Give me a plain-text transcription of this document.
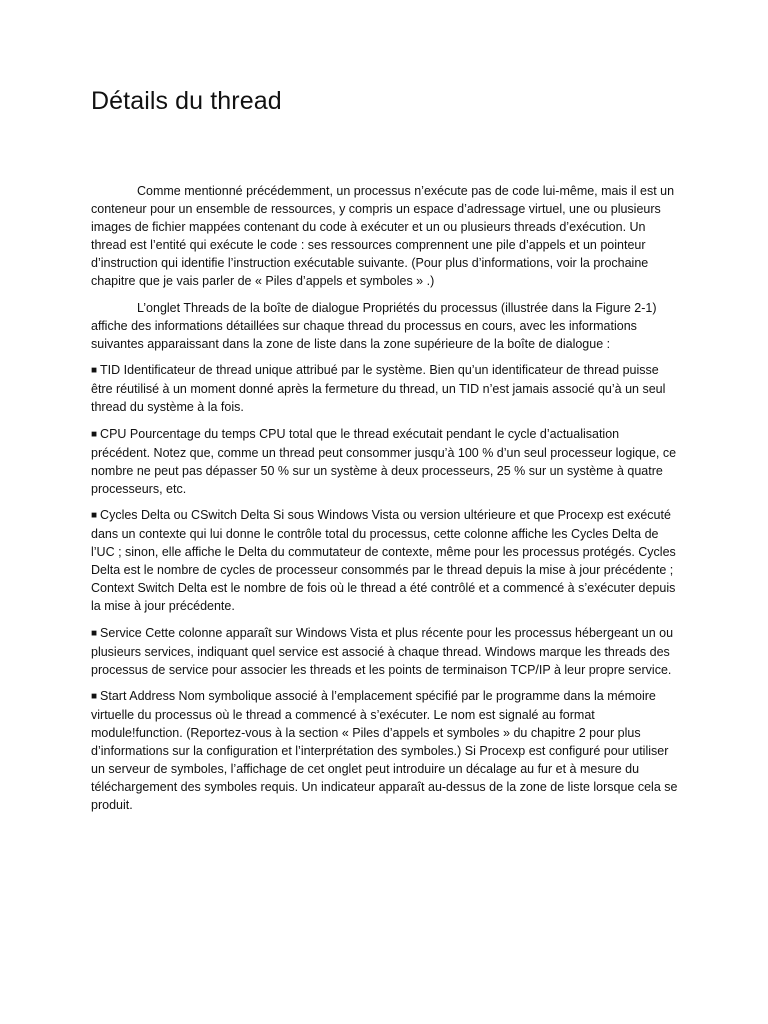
Détails du thread

Comme mentionné précédemment, un processus n’exécute pas de code lui-même, mais il est un conteneur pour un ensemble de ressources, y compris un espace d’adressage virtuel, une ou plusieurs images de fichier mappées contenant du code à exécuter et un ou plusieurs threads d’exécution. Un thread est l’entité qui exécute le code : ses ressources comprennent une pile d’appels et un pointeur d’instruction qui identifie l’instruction exécutable suivante. (Pour plus d’informations, voir la prochaine chapitre que je vais parler de « Piles d’appels et symboles » .)

L’onglet Threads de la boîte de dialogue Propriétés du processus (illustrée dans la Figure 2-1) affiche des informations détaillées sur chaque thread du processus en cours, avec les informations suivantes apparaissant dans la zone de liste dans la zone supérieure de la boîte de dialogue :

■ TID Identificateur de thread unique attribué par le système. Bien qu’un identificateur de thread puisse être réutilisé à un moment donné après la fermeture du thread, un TID n’est jamais associé qu’à un seul thread du système à la fois.

■ CPU Pourcentage du temps CPU total que le thread exécutait pendant le cycle d’actualisation précédent. Notez que, comme un thread peut consommer jusqu’à 100 % d’un seul processeur logique, ce nombre ne peut pas dépasser 50 % sur un système à deux processeurs, 25 % sur un système à quatre processeurs, etc.

■ Cycles Delta ou CSwitch Delta Si sous Windows Vista ou version ultérieure et que Procexp est exécuté dans un contexte qui lui donne le contrôle total du processus, cette colonne affiche les Cycles Delta de l’UC ; sinon, elle affiche le Delta du commutateur de contexte, même pour les processus protégés. Cycles Delta est le nombre de cycles de processeur consommés par le thread depuis la mise à jour précédente ; Context Switch Delta est le nombre de fois où le thread a été contrôlé et a commencé à s’exécuter depuis la mise à jour précédente.

■ Service Cette colonne apparaît sur Windows Vista et plus récente pour les processus hébergeant un ou plusieurs services, indiquant quel service est associé à chaque thread. Windows marque les threads des processus de service pour associer les threads et les points de terminaison TCP/IP à leur propre service.

■ Start Address Nom symbolique associé à l’emplacement spécifié par le programme dans la mémoire virtuelle du processus où le thread a commencé à s’exécuter. Le nom est signalé au format module!function. (Reportez-vous à la section « Piles d’appels et symboles » du chapitre 2 pour plus d’informations sur la configuration et l’interprétation des symboles.) Si Procexp est configuré pour utiliser un serveur de symboles, l’affichage de cet onglet peut introduire un décalage au fur et à mesure du téléchargement des symboles requis. Un indicateur apparaît au-dessus de la zone de liste lorsque cela se produit.
